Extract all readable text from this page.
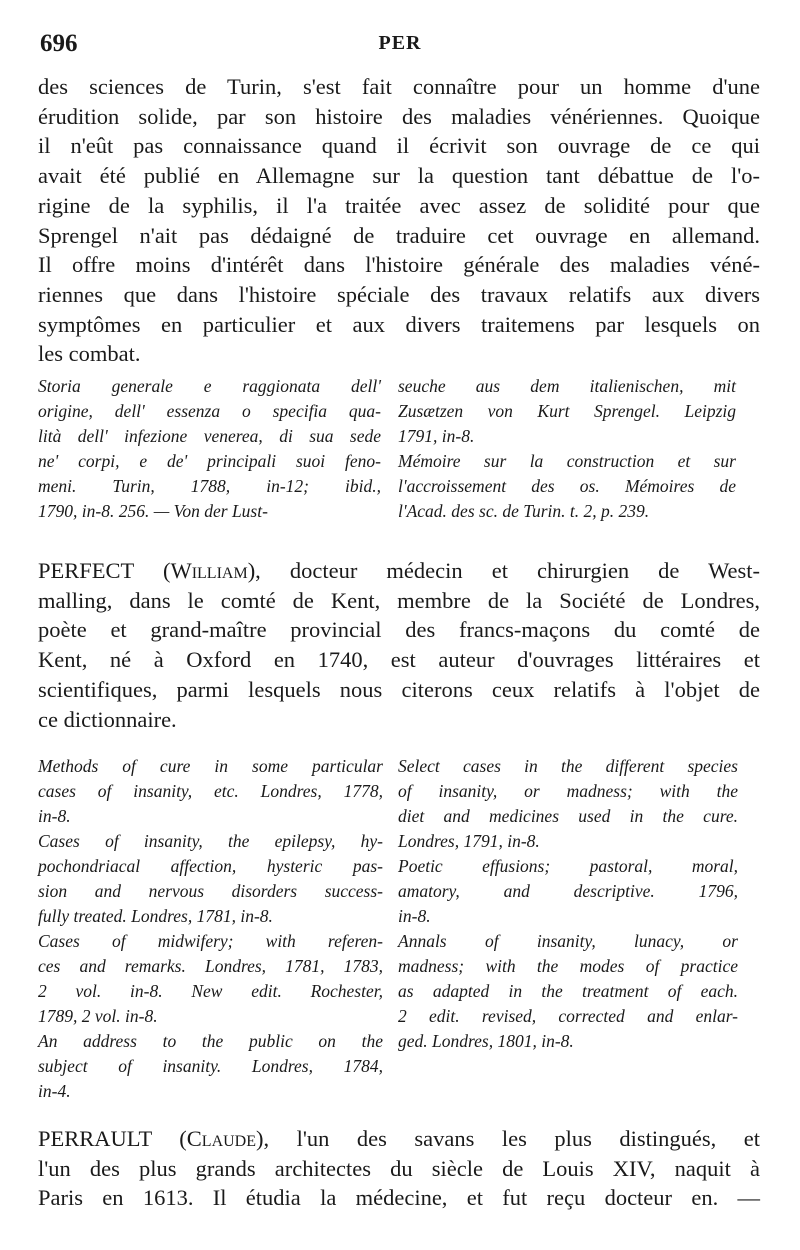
696	PER

des sciences de Turin, s'est fait connaître pour un homme d'une
érudition solide, par son histoire des maladies vénériennes. Quoique
il n'eût pas connaissance quand il écrivit son ouvrage de ce qui
avait été publié en Allemagne sur la question tant débattue de l'o-
rigine de la syphilis, il l'a traitée avec assez de solidité pour que
Sprengel n'ait pas dédaigné de traduire cet ouvrage en allemand.
Il offre moins d'intérêt dans l'histoire générale des maladies véné-
riennes que dans l'histoire spéciale des travaux relatifs aux divers
symptômes en particulier et aux divers traitemens par lesquels on
les combat.

Storia generale e raggionata dell'
origine, dell' essenza o specifia qua-
lità dell' infezione venerea, di sua sede
ne' corpi, e de' principali suoi feno-
meni. Turin, 1788, in-12; ibid.,
1790, in-8. 256. — Von der Lust-
seuche aus dem italienischen, mit
Zusætzen von Kurt Sprengel. Leipzig
1791, in-8.
Mémoire sur la construction et sur
l'accroissement des os. Mémoires de
l'Acad. des sc. de Turin. t. 2, p. 239.

PERFECT (William), docteur médecin et chirurgien de West-
malling, dans le comté de Kent, membre de la Société de Londres,
poète et grand-maître provincial des francs-maçons du comté de
Kent, né à Oxford en 1740, est auteur d'ouvrages littéraires et
scientifiques, parmi lesquels nous citerons ceux relatifs à l'objet de
ce dictionnaire.

Methods of cure in some particular
cases of insanity, etc. Londres, 1778,
in-8.
Cases of insanity, the epilepsy, hy-
pochondriacal affection, hysteric pas-
sion and nervous disorders success-
fully treated. Londres, 1781, in-8.
Cases of midwifery; with referen-
ces and remarks. Londres, 1781, 1783,
2 vol. in-8. New edit. Rochester,
1789, 2 vol. in-8.
An address to the public on the
subject of insanity. Londres, 1784,
in-4.
Select cases in the different species
of insanity, or madness; with the
diet and medicines used in the cure.
Londres, 1791, in-8.
Poetic effusions; pastoral, moral,
amatory, and descriptive. 1796,
in-8.
Annals of insanity, lunacy, or
madness; with the modes of practice
as adapted in the treatment of each.
2 edit. revised, corrected and enlar-
ged. Londres, 1801, in-8.

PERRAULT (Claude), l'un des savans les plus distingués, et
l'un des plus grands architectes du siècle de Louis XIV, naquit à
Paris en 1613. Il étudia la médecine, et fut reçu docteur en. —
